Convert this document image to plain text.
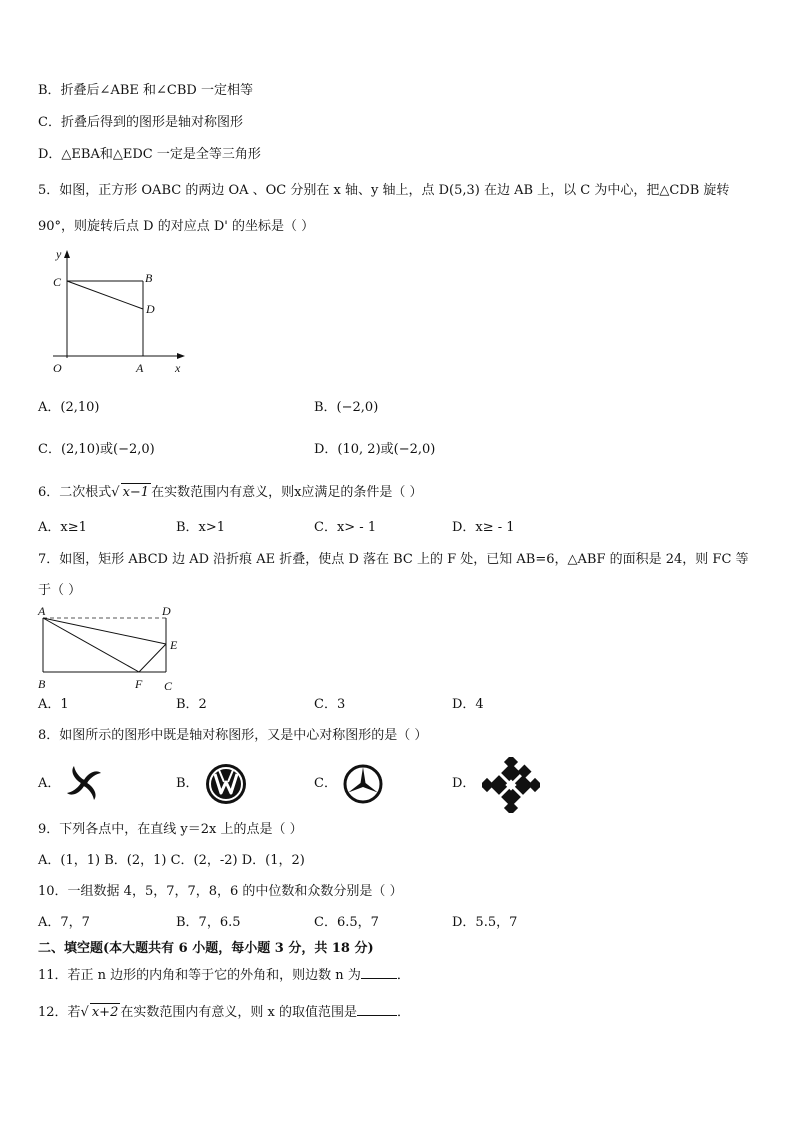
B．折叠后∠ABE 和∠CBD 一定相等
C．折叠后得到的图形是轴对称图形
D．△EBA和△EDC 一定是全等三角形
5．如图，正方形 OABC 的两边 OA 、OC 分别在 x 轴、y 轴上，点 D(5,3) 在边 AB 上，以 C 为中心，把△CDB 旋转
90°，则旋转后点 D 的对应点 D' 的坐标是（ ）
y
C	B
D
O	A	x
A．(2,10)	B．(−2,0)
C．(2,10)或(−2,0)	D．(10, 2)或(−2,0)
6．二次根式√ x−1 在实数范围内有意义，则x应满足的条件是（ ）
A．x≥1	B．x>1	C．x> - 1	D．x≥ - 1
7．如图，矩形 ABCD 边 AD 沿折痕 AE 折叠，使点 D 落在 BC 上的 F 处，已知 AB=6，△ABF 的面积是 24，则 FC 等
于（ ）
A	D
E
B	F C
A．1	B．2	C．3	D．4
8．如图所示的图形中既是轴对称图形，又是中心对称图形的是（ ）
A．	B．	C．	D．
9．下列各点中，在直线 y＝2x 上的点是（ ）
A．(1，1) B．(2，1) C．(2，-2) D．(1，2)
10．一组数据 4，5，7，7，8，6 的中位数和众数分别是（ ）
A．7，7	B．7，6.5	C．6.5，7	D．5.5，7
二、填空题(本大题共有 6 小题，每小题 3 分，共 18 分)
11．若正 n 边形的内角和等于它的外角和，则边数 n 为	．
12．若√ x+2 在实数范围内有意义，则 x 的取值范围是	．
